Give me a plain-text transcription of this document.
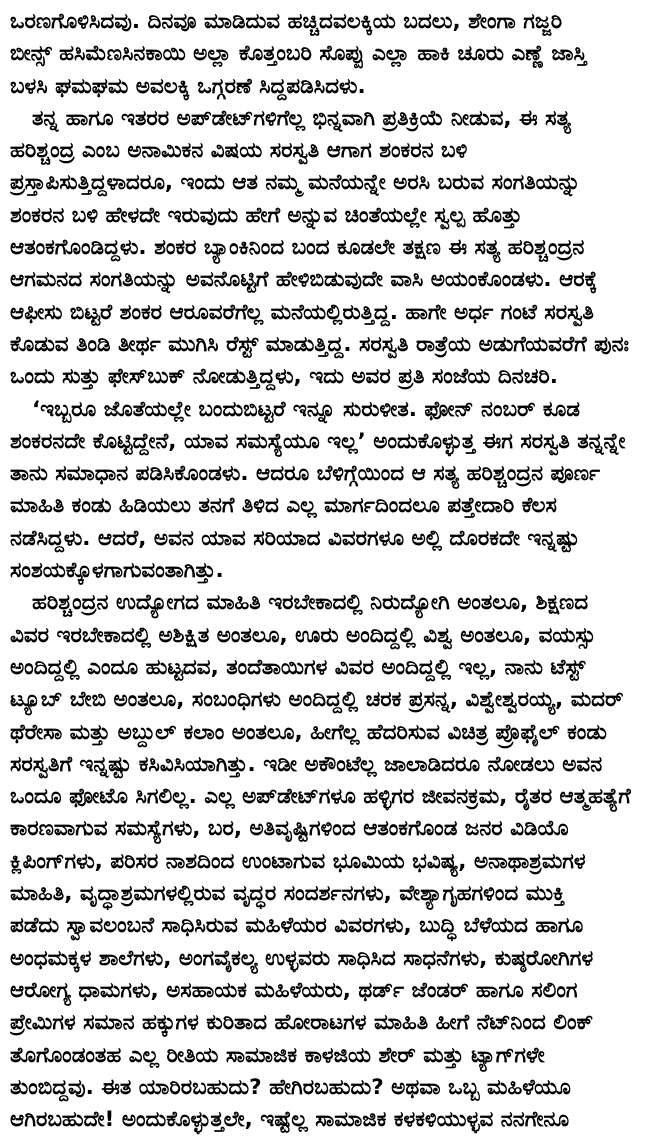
ಒರಣಗೊಳಿಸಿದವು. ದಿನವೂ ಮಾಡಿದುವ ಹಚ್ಚಿದವಲಕ್ಕಿಯ ಬದಲು, ಶೇಂಗಾ ಗಜ್ಜರಿ
ಬೀನ್ಸ್ ಹಸಿಮೆಣಸಿನಕಾಯಿ ಅಲ್ಲಾ ಕೊತ್ತಂಬರಿ ಸೊಪ್ಪು ಎಲ್ಲಾ ಹಾಕಿ ಚೂರು ಎಣ್ಣೆ ಜಾಸ್ತಿ
ಬಳಸಿ ಘಮಘಮ ಅವಲಕ್ಕಿ ಒಗ್ಗರಣೆ ಸಿದ್ದಪಡಿಸಿದಳು.
ತನ್ನ ಹಾಗೂ ಇತರರ ಅಪ್‌ಡೇಟ್‌ಗಳಿಗೆಲ್ಲ ಭಿನ್ನವಾಗಿ ಪ್ರತಿಕ್ರಿಯೆ ನೀಡುವ, ಈ ಸತ್ಯ
ಹರಿಶ್ಚಂದ್ರ ಎಂಬ ಅನಾಮಿಕನ ವಿಷಯ ಸರಸ್ವತಿ ಆಗಾಗ ಶಂಕರನ ಬಳಿ
ಪ್ರಸ್ತಾಪಿಸುತ್ತಿದ್ದಳಾದರೂ, ಇಂದು ಆತ ನಮ್ಮ ಮನೆಯನ್ನೇ ಅರಸಿ ಬರುವ ಸಂಗತಿಯನ್ನು
ಶಂಕರನ ಬಳಿ ಹೇಳದೇ ಇರುವುದು ಹೇಗೆ ಅನ್ನುವ ಚಿಂತೆಯಲ್ಲೇ ಸ್ವಲ್ಪ ಹೊತ್ತು
ಆತಂಕಗೊಂಡಿದ್ದಳು. ಶಂಕರ ಬ್ಯಾಂಕಿನಿಂದ ಬಂದ ಕೂಡಲೇ ತಕ್ಷಣ ಈ ಸತ್ಯ ಹರಿಶ್ಚಂದ್ರನ
ಆಗಮನದ ಸಂಗತಿಯನ್ನು ಅವನೊಟ್ಟಿಗೆ ಹೇಳಿಬಿಡುವುದೇ ವಾಸಿ ಅಯಂಕೊಂಡಳು. ಆರಕ್ಕೆ
ಆಫೀಸು ಬಿಟ್ಟರೆ ಶಂಕರ ಆರೂವರೆಗೆಲ್ಲ ಮನೆಯಲ್ಲಿರುತ್ತಿದ್ದ. ಹಾಗೇ ಅರ್ಧ ಗಂಟೆ ಸರಸ್ವತಿ
ಕೊಡುವ ತಿಂಡಿ ತೀರ್ಥ ಮುಗಿಸಿ ರೆಸ್ಟ್ ಮಾಡುತ್ತಿದ್ದ. ಸರಸ್ವತಿ ರಾತ್ರೆಯ ಅಡುಗೆಯವರೆಗೆ ಪುನಃ
ಒಂದು ಸುತ್ತು ಫೇಸ್‌ಬುಕ್ ನೋಡುತ್ತಿದ್ದಳು, ಇದು ಅವರ ಪ್ರತಿ ಸಂಜೆಯ ದಿನಚರಿ.
‘ಇಬ್ಬರೂ ಜೊತೆಯಲ್ಲೇ ಬಂದುಬಿಟ್ಟರೆ ಇನ್ನೂ ಸುರುಳೀತ. ಫೋನ್ ನಂಬರ್ ಕೂಡ
ಶಂಕರನದೇ ಕೊಟ್ಟಿದ್ದೇನೆ, ಯಾವ ಸಮಸ್ಯೆಯೂ ಇಲ್ಲ’ ಅಂದುಕೊಳ್ಳುತ್ತ ಈಗ ಸರಸ್ವತಿ ತನ್ನನ್ನೇ
ತಾನು ಸಮಾಧಾನ ಪಡಿಸಿಕೊಂಡಳು. ಆದರೂ ಬೆಳಿಗ್ಗೆಯಿಂದ ಆ ಸತ್ಯ ಹರಿಶ್ಚಂದ್ರನ ಪೂರ್ಣ
ಮಾಹಿತಿ ಕಂಡು ಹಿಡಿಯಲು ತನಗೆ ತಿಳಿದ ಎಲ್ಲ ಮಾರ್ಗದಿಂದಲೂ ಪತ್ತೇದಾರಿ ಕೆಲಸ
ನಡೆಸಿದ್ದಳು. ಆದರೆ, ಅವನ ಯಾವ ಸರಿಯಾದ ವಿವರಗಳೂ ಅಲ್ಲಿ ದೊರಕದೇ ಇನ್ನಷ್ಟು
ಸಂಶಯಕ್ಕೊಳಗಾಗುವಂತಾಗಿತ್ತು.
ಹರಿಶ್ಚಂದ್ರನ ಉದ್ಯೋಗದ ಮಾಹಿತಿ ಇರಬೇಕಾದಲ್ಲಿ ನಿರುದ್ಯೋಗಿ ಅಂತಲೂ, ಶಿಕ್ಷಣದ
ವಿವರ ಇರಬೇಕಾದಲ್ಲಿ ಅಶಿಕ್ಷಿತ ಅಂತಲೂ, ಊರು ಅಂದಿದ್ದಲ್ಲಿ ವಿಶ್ವ ಅಂತಲೂ, ವಯಸ್ಸು
ಅಂದಿದ್ದಲ್ಲಿ ಎಂದೂ ಹುಟ್ಟದವ, ತಂದೆತಾಯಿಗಳ ವಿವರ ಅಂದಿದ್ದಲ್ಲಿ ಇಲ್ಲ, ನಾನು ಟೆಸ್ಟ್
ಟ್ಯೂಬ್ ಬೇಬಿ ಅಂತಲೂ, ಸಂಬಂಧಿಗಳು ಅಂದಿದ್ದಲ್ಲಿ ಚರಕ ಪ್ರಸನ್ನ, ವಿಶ್ವೇಶ್ವರಯ್ಯ, ಮದರ್
ಥೆರೇಸಾ ಮತ್ತು ಅಬ್ದುಲ್ ಕಲಾಂ ಅಂತಲೂ, ಹೀಗೆಲ್ಲ ಹೆದರಿಸುವ ವಿಚಿತ್ರ ಪ್ರೊಫೈಲ್ ಕಂಡು
ಸರಸ್ವತಿಗೆ ಇನ್ನಷ್ಟು ಕಸಿವಿಸಿಯಾಗಿತ್ತು. ಇಡೀ ಅಕೌಂಟೆಲ್ಲ ಜಾಲಾಡಿದರೂ ನೋಡಲು ಅವನ
ಒಂದೂ ಫೋಟೊ ಸಿಗಲಿಲ್ಲ. ಎಲ್ಲ ಅಪ್‌ಡೇಟ್‌ಗಳೂ ಹಳ್ಳಿಗರ ಜೀವನಕ್ರಮ, ರೈತರ ಆತ್ಮಹತ್ಯೆಗೆ
ಕಾರಣವಾಗುವ ಸಮಸ್ಯೆಗಳು, ಬರ, ಅತಿವೃಷ್ಟಿಗಳಿಂದ ಆತಂಕಗೊಂಡ ಜನರ ವಿಡಿಯೊ
ಕ್ಲಿಪಿಂಗ್‌ಗಳು, ಪರಿಸರ ನಾಶದಿಂದ ಉಂಟಾಗುವ ಭೂಮಿಯ ಭವಿಷ್ಯ, ಅನಾಥಾಶ್ರಮಗಳ
ಮಾಹಿತಿ, ವೃದ್ಧಾಶ್ರಮಗಳಲ್ಲಿರುವ ವೃದ್ಧರ ಸಂದರ್ಶನಗಳು, ವೇಶ್ಯಾಗೃಹಗಳಿಂದ ಮುಕ್ತಿ
ಪಡೆದು ಸ್ವಾವಲಂಬನೆ ಸಾಧಿಸಿರುವ ಮಹಿಳೆಯರ ವಿವರಗಳು, ಬುದ್ಧಿ ಬೆಳೆಯದ ಹಾಗೂ
ಅಂಧಮಕ್ಕಳ ಶಾಲೆಗಳು, ಅಂಗವೈಕಲ್ಯ ಉಳ್ಳವರು ಸಾಧಿಸಿದ ಸಾಧನೆಗಳು, ಕುಷ್ಠರೋಗಿಗಳ
ಆರೋಗ್ಯ ಧಾಮಗಳು, ಅಸಹಾಯಕ ಮಹಿಳೆಯರು, ಥರ್ಡ್ ಜೆಂಡರ್ ಹಾಗೂ ಸಲಿಂಗ
ಪ್ರೇಮಿಗಳ ಸಮಾನ ಹಕ್ಕುಗಳ ಕುರಿತಾದ ಹೋರಾಟಗಳ ಮಾಹಿತಿ ಹೀಗೆ ನೆಟ್‌ನಿಂದ ಲಿಂಕ್
ತೊಗೊಂಡಂತಹ ಎಲ್ಲ ರೀತಿಯ ಸಾಮಾಜಿಕ ಕಾಳಜಿಯ ಶೇರ್ ಮತ್ತು ಟ್ಯಾಗ್‌ಗಳೇ
ತುಂಬಿದ್ದವು. ಈತ ಯಾರಿರಬಹುದು? ಹೇಗಿರಬಹುದು? ಅಥವಾ ಒಬ್ಬ ಮಹಿಳೆಯೂ
ಆಗಿರಬಹುದೇ! ಅಂದುಕೊಳ್ಳುತ್ತಲೇ, ಇಷ್ಟೆಲ್ಲ ಸಾಮಾಜಿಕ ಕಳಕಳಿಯುಳ್ಳವ ನನಗೇನೂ
